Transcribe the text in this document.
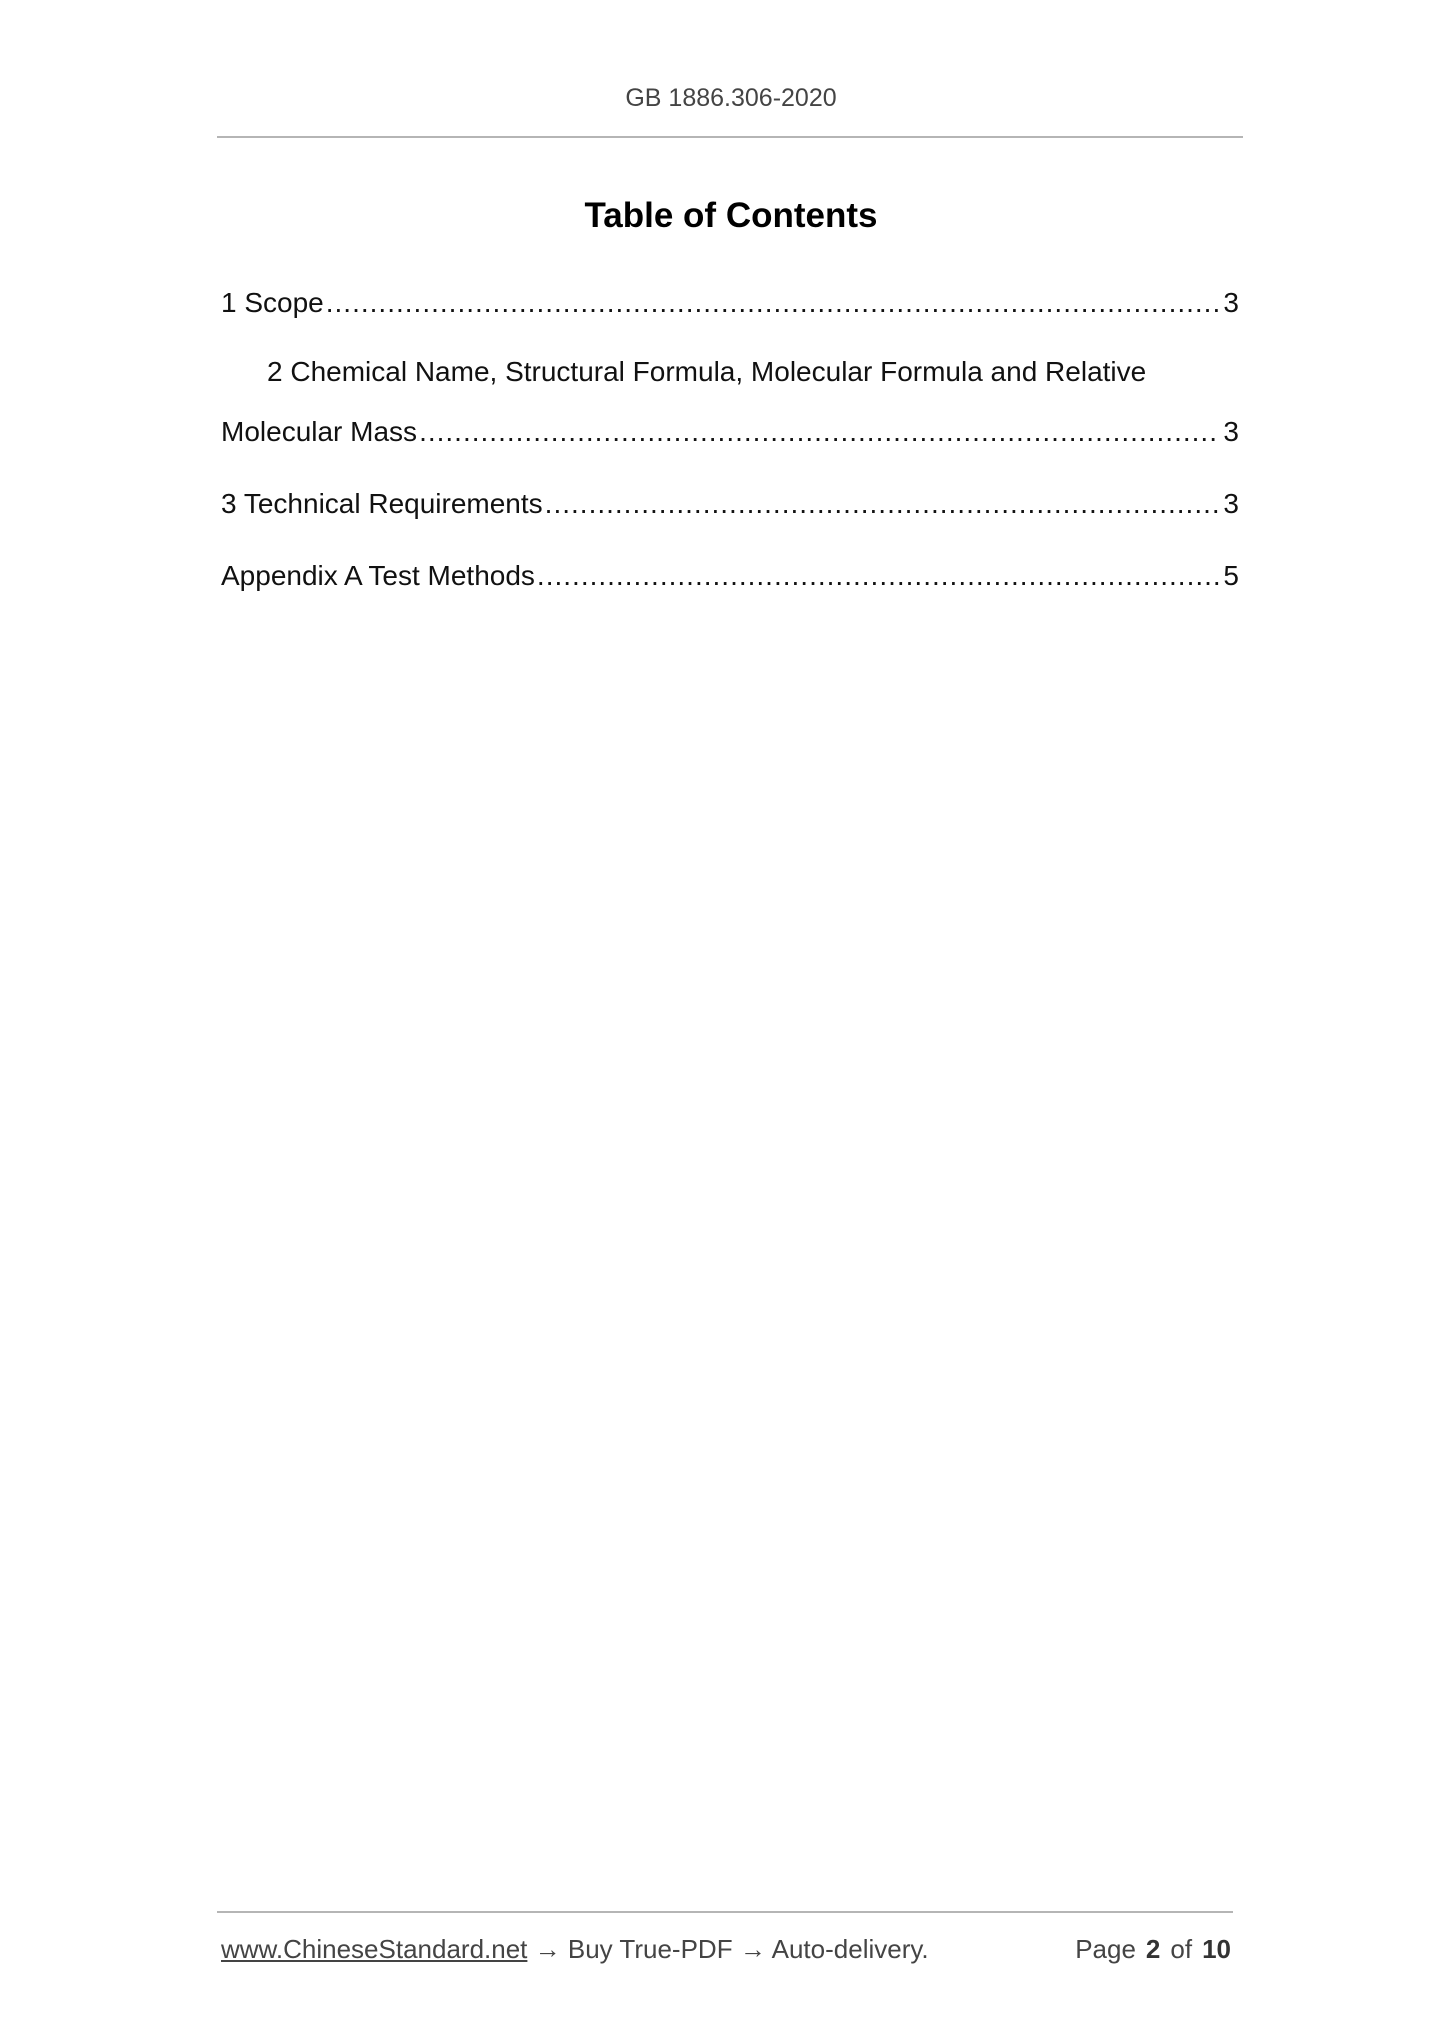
GB 1886.306-2020
Table of Contents
1 Scope .....	3
2 Chemical Name, Structural Formula, Molecular Formula and Relative
Molecular Mass .....	3
3 Technical Requirements .....	3
Appendix A Test Methods .....	5
www.ChineseStandard.net → Buy True-PDF → Auto-delivery.	Page 2 of 10
